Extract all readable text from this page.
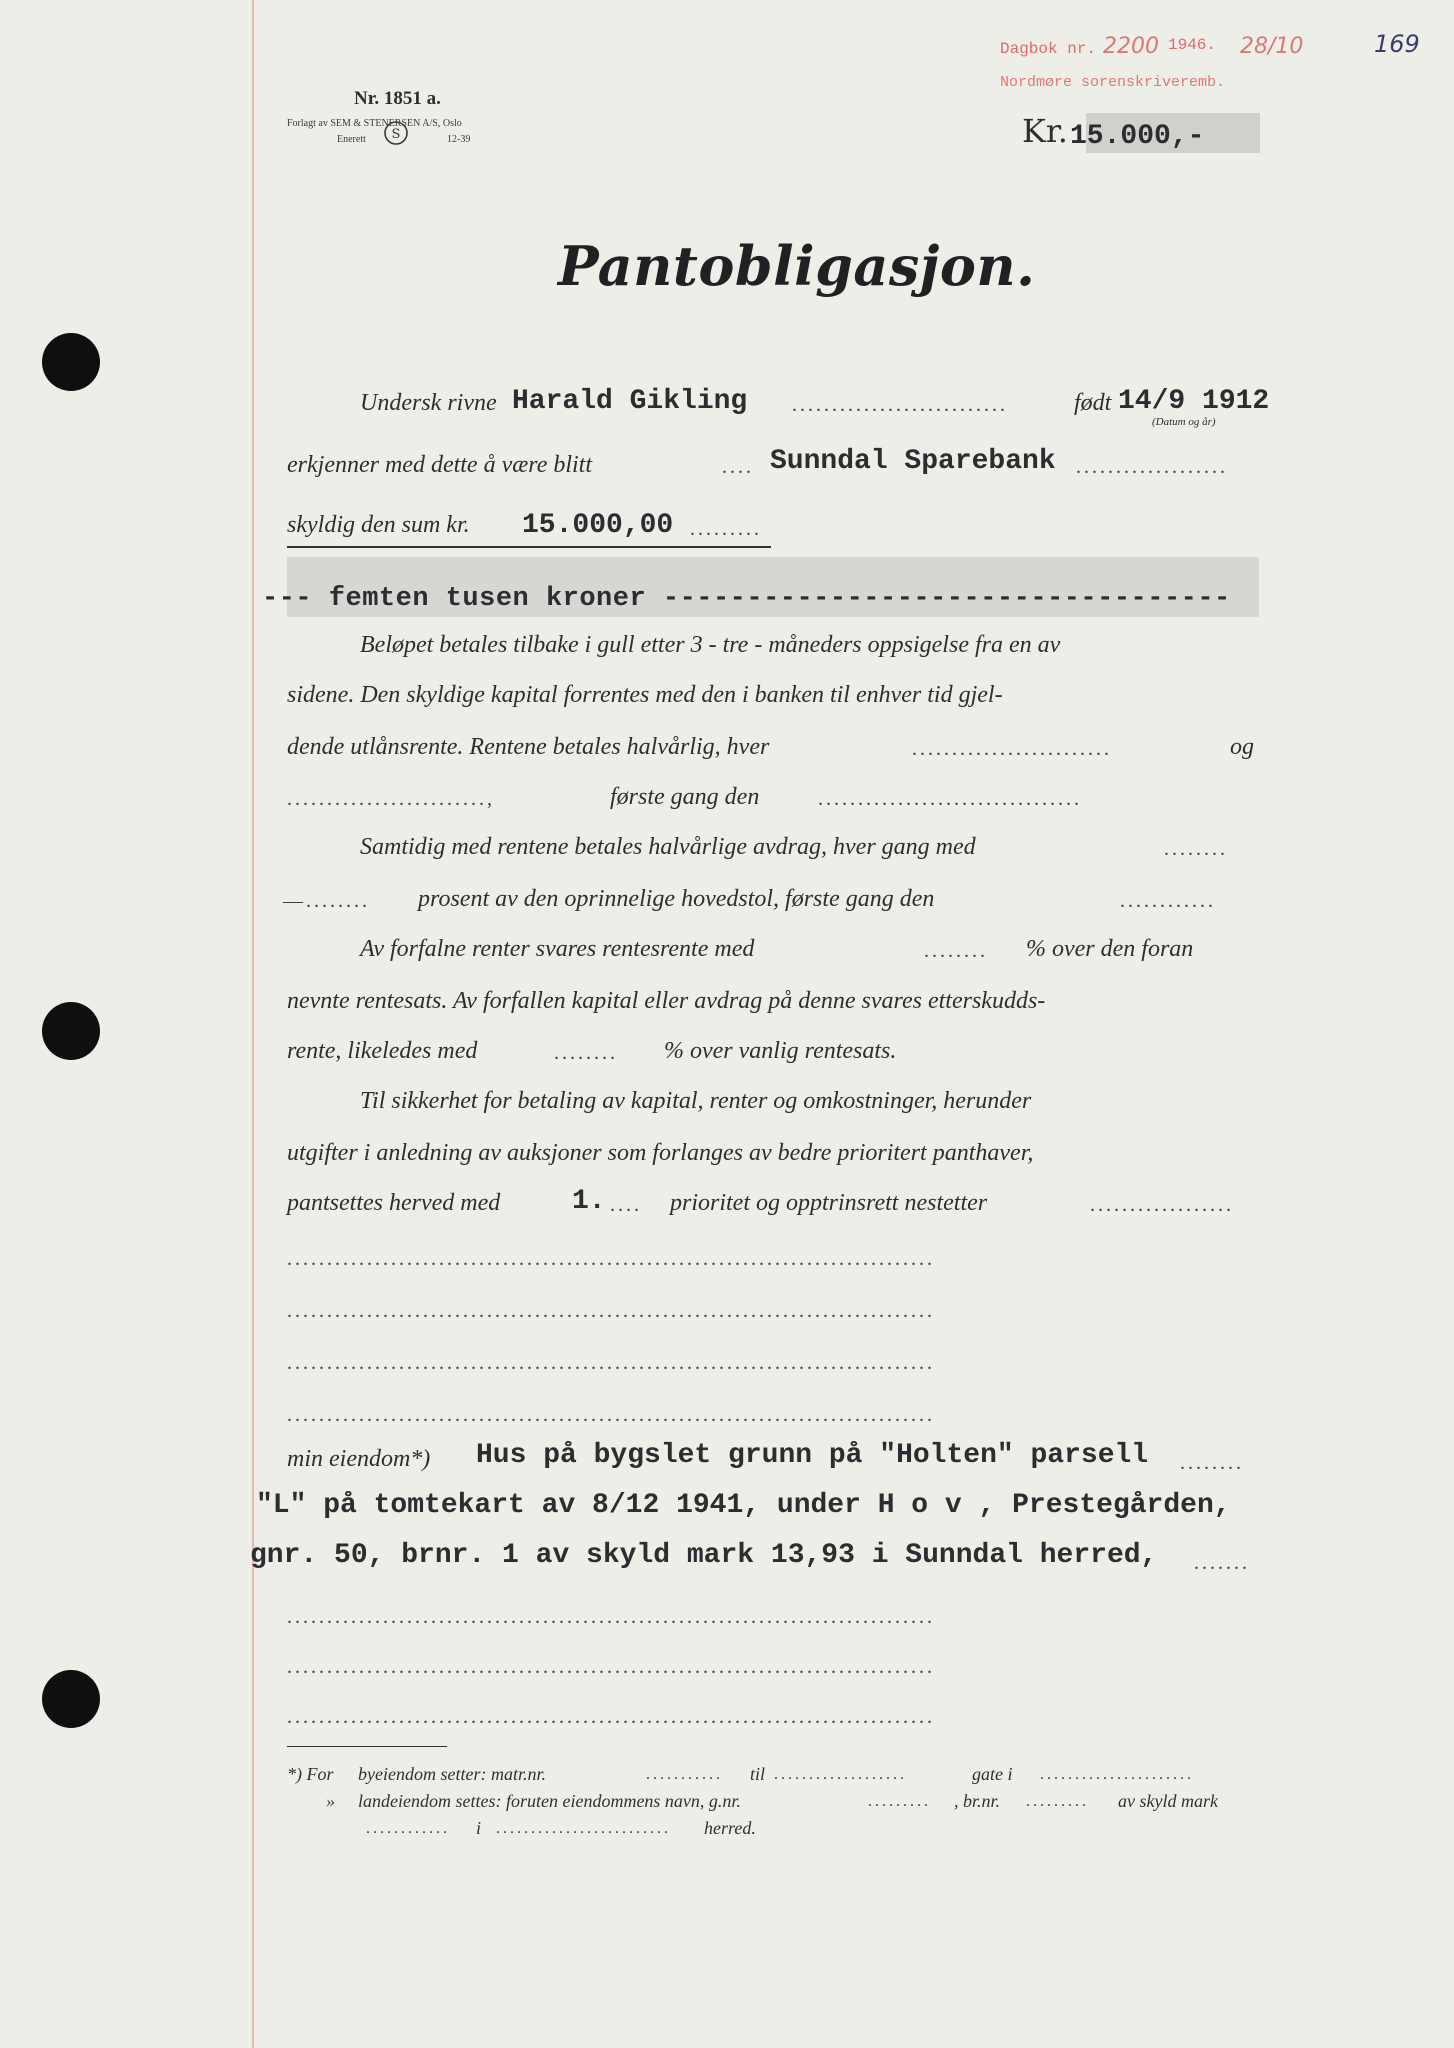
Nr. 1851 a.
Forlagt av SEM & STENERSEN A/S, Oslo
Enerett	12-39
S
Dagbok nr. 2200 1946. 28/10
Nordmøre sorenskriveremb.
169
Kr. 15.000,-
Pantobligasjon.
Undersk rivne Harald Gikling ...........................	født 14/9 1912
(Datum og år)
erkjenner med dette å være blitt	.... Sunndal Sparebank ...................
skyldig den sum kr. 15.000,00 .........
--- femten tusen kroner ----------------------------------
Beløpet betales tilbake i gull etter 3 - tre - måneders oppsigelse fra en av
sidene. Den skyldige kapital forrentes med den i banken til enhver tid gjel-
dende utlånsrente. Rentene betales halvårlig, hver	.........................	og
.........................,	første gang den	.................................
Samtidig med rentene betales halvårlige avdrag, hver gang med	........
—........ prosent av den oprinnelige hovedstol, første gang den	............
Av forfalne renter svares rentesrente med	........ % over den foran
nevnte rentesats. Av forfallen kapital eller avdrag på denne svares etterskudds-
rente, likeledes med	........ % over vanlig rentesats.
Til sikkerhet for betaling av kapital, renter og omkostninger, herunder
utgifter i anledning av auksjoner som forlanges av bedre prioritert panthaver,
pantsettes herved med	1. .... prioritet og opptrinsrett nestetter	..................
.................................................................................
.................................................................................
.................................................................................
.................................................................................
min eiendom*) Hus på bygslet grunn på "Holten" parsell ........
"L" på tomtekart av 8/12 1941, under H o v , Prestegården,
gnr. 50, brnr. 1 av skyld mark 13,93 i Sunndal herred, .......
.................................................................................
.................................................................................
.................................................................................
*) For byeiendom setter: matr.nr.	........... til ...................	gate i ......................
» landeiendom settes: foruten eiendommens navn, g.nr.	......... , br.nr. ......... av skyld mark
............ i ......................... herred.
